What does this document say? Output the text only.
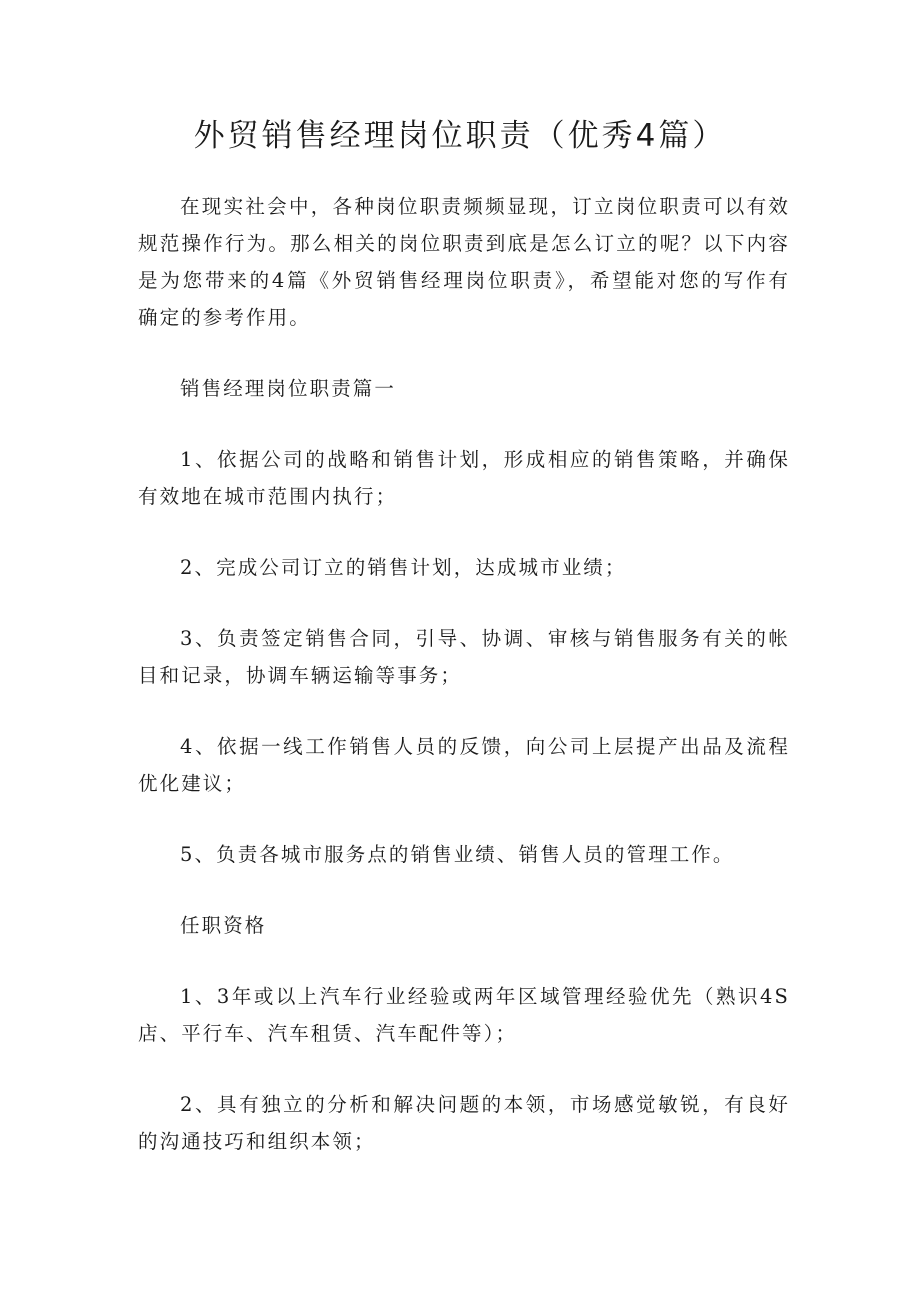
外贸销售经理岗位职责（优秀4篇）

在现实社会中，各种岗位职责频频显现，订立岗位职责可以有效规范操作行为。那么相关的岗位职责到底是怎么订立的呢？以下内容是为您带来的4篇《外贸销售经理岗位职责》，希望能对您的写作有确定的参考作用。

销售经理岗位职责篇一

1、依据公司的战略和销售计划，形成相应的销售策略，并确保有效地在城市范围内执行；

2、完成公司订立的销售计划，达成城市业绩；

3、负责签定销售合同，引导、协调、审核与销售服务有关的帐目和记录，协调车辆运输等事务；

4、依据一线工作销售人员的反馈，向公司上层提产出品及流程优化建议；

5、负责各城市服务点的销售业绩、销售人员的管理工作。

任职资格

1、3年或以上汽车行业经验或两年区域管理经验优先（熟识4S店、平行车、汽车租赁、汽车配件等）；

2、具有独立的分析和解决问题的本领，市场感觉敏锐，有良好的沟通技巧和组织本领；
